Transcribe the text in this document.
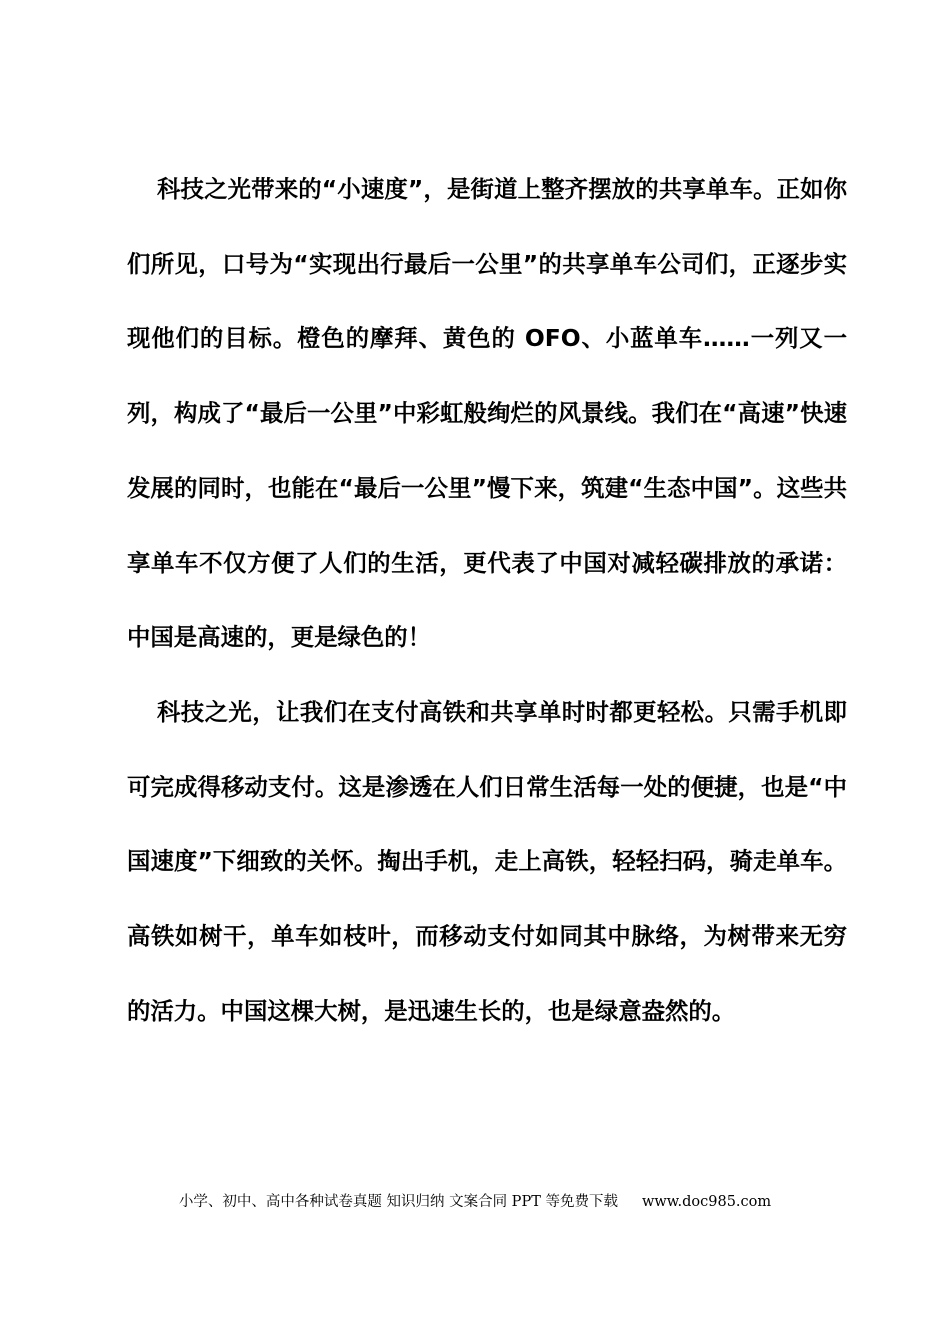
科技之光带来的“小速度”，是街道上整齐摆放的共享单车。正如你们所见，口号为“实现出行最后一公里”的共享单车公司们，正逐步实现他们的目标。橙色的摩拜、黄色的 OFO、小蓝单车……一列又一列，构成了“最后一公里”中彩虹般绚烂的风景线。我们在“高速”快速发展的同时，也能在“最后一公里”慢下来，筑建“生态中国”。这些共享单车不仅方便了人们的生活，更代表了中国对减轻碳排放的承诺：中国是高速的，更是绿色的！

科技之光，让我们在支付高铁和共享单时时都更轻松。只需手机即可完成得移动支付。这是渗透在人们日常生活每一处的便捷，也是“中国速度”下细致的关怀。掏出手机，走上高铁，轻轻扫码，骑走单车。高铁如树干，单车如枝叶，而移动支付如同其中脉络，为树带来无穷的活力。中国这棵大树，是迅速生长的，也是绿意盎然的。

小学、初中、高中各种试卷真题 知识归纳 文案合同 PPT 等免费下载 www.doc985.com
